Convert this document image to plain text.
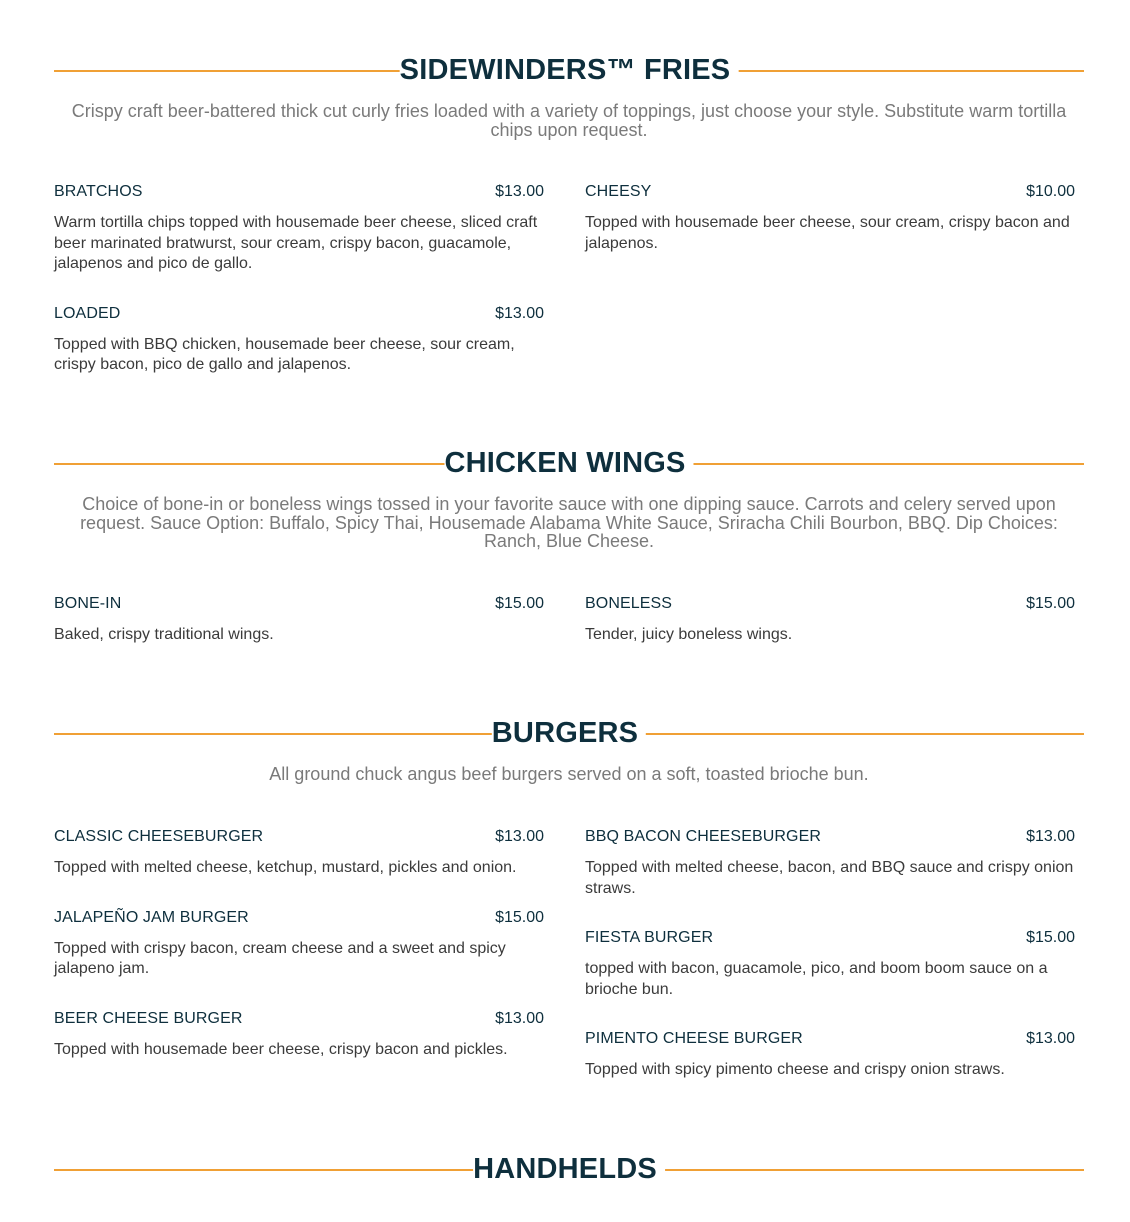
SIDEWINDERS™ FRIES

Crispy craft beer-battered thick cut curly fries loaded with a variety of toppings, just choose your style. Substitute warm tortilla chips upon request.

BRATCHOS	$13.00
Warm tortilla chips topped with housemade beer cheese, sliced craft beer marinated bratwurst, sour cream, crispy bacon, guacamole, jalapenos and pico de gallo.
LOADED	$13.00
Topped with BBQ chicken, housemade beer cheese, sour cream, crispy bacon, pico de gallo and jalapenos.
CHEESY	$10.00
Topped with housemade beer cheese, sour cream, crispy bacon and jalapenos.
CHICKEN WINGS

Choice of bone-in or boneless wings tossed in your favorite sauce with one dipping sauce. Carrots and celery served upon request. Sauce Option: Buffalo, Spicy Thai, Housemade Alabama White Sauce, Sriracha Chili Bourbon, BBQ. Dip Choices: Ranch, Blue Cheese.

BONE-IN	$15.00
Baked, crispy traditional wings.
BONELESS	$15.00
Tender, juicy boneless wings.
BURGERS

All ground chuck angus beef burgers served on a soft, toasted brioche bun.

CLASSIC CHEESEBURGER	$13.00
Topped with melted cheese, ketchup, mustard, pickles and onion.
JALAPEÑO JAM BURGER	$15.00
Topped with crispy bacon, cream cheese and a sweet and spicy jalapeno jam.
BEER CHEESE BURGER	$13.00
Topped with housemade beer cheese, crispy bacon and pickles.
BBQ BACON CHEESEBURGER	$13.00
Topped with melted cheese, bacon, and BBQ sauce and crispy onion straws.
FIESTA BURGER	$15.00
topped with bacon, guacamole, pico, and boom boom sauce on a brioche bun.
PIMENTO CHEESE BURGER	$13.00
Topped with spicy pimento cheese and crispy onion straws.
HANDHELDS
